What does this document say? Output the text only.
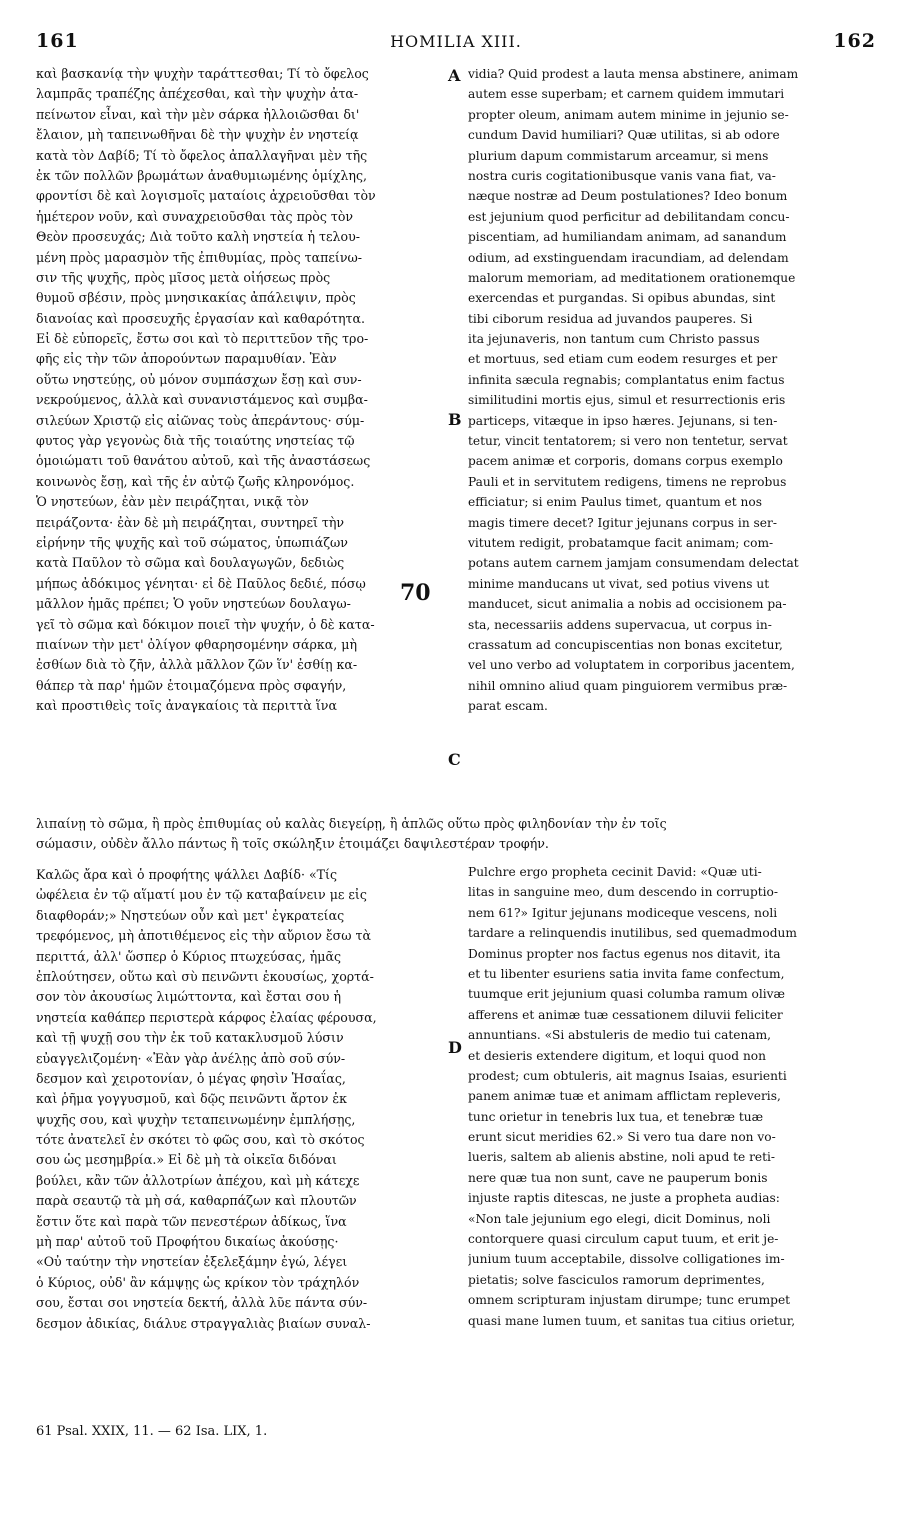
161	HOMILIA XIII.	162
καὶ βασκανίᾳ τὴν ψυχὴν ταράττεσθαι; Τί τὸ ὄφελος
λαμπρᾶς τραπέζης ἀπέχεσθαι, καὶ τὴν ψυχὴν ἀτα-
πείνωτον εἶναι, καὶ τὴν μὲν σάρκα ἠλλοιῶσθαι δι'
ἔλαιον, μὴ ταπεινωθῆναι δὲ τὴν ψυχὴν ἐν νηστείᾳ
κατὰ τὸν Δαβίδ; Τί τὸ ὄφελος ἀπαλλαγῆναι μὲν τῆς
ἐκ τῶν πολλῶν βρωμάτων ἀναθυμιωμένης ὁμίχλης,
φροντίσι δὲ καὶ λογισμοῖς ματαίοις ἀχρειοῦσθαι τὸν
ἡμέτερον νοῦν, καὶ συναχρειοῦσθαι τὰς πρὸς τὸν
Θεὸν προσευχάς; Διὰ τοῦτο καλὴ νηστεία ἡ τελου-
μένη πρὸς μαρασμὸν τῆς ἐπιθυμίας, πρὸς ταπείνω-
σιν τῆς ψυχῆς, πρὸς μῖσος μετὰ οἰήσεως πρὸς
θυμοῦ σβέσιν, πρὸς μνησικακίας ἀπάλειψιν, πρὸς
διανοίας καὶ προσευχῆς ἐργασίαν καὶ καθαρότητα.
Εἰ δὲ εὐπορεῖς, ἔστω σοι καὶ τὸ περιττεῦον τῆς τρο-
φῆς εἰς τὴν τῶν ἀπορούντων παραμυθίαν. Ἐὰν
οὕτω νηστεύῃς, οὐ μόνον συμπάσχων ἔσῃ καὶ συν-
νεκρούμενος, ἀλλὰ καὶ συνανιστάμενος καὶ συμβα-
σιλεύων Χριστῷ εἰς αἰῶνας τοὺς ἀπεράντους· σύμ-
φυτος γὰρ γεγονὼς διὰ τῆς τοιαύτης νηστείας τῷ
ὁμοιώματι τοῦ θανάτου αὐτοῦ, καὶ τῆς ἀναστάσεως
κοινωνὸς ἔσῃ, καὶ τῆς ἐν αὐτῷ ζωῆς κληρονόμος.
Ὁ νηστεύων, ἐὰν μὲν πειράζηται, νικᾷ τὸν
πειράζοντα· ἐὰν δὲ μὴ πειράζηται, συντηρεῖ τὴν
εἰρήνην τῆς ψυχῆς καὶ τοῦ σώματος, ὑπωπιάζων
κατὰ Παῦλον τὸ σῶμα καὶ δουλαγωγῶν, δεδιὼς
μήπως ἀδόκιμος γένηται· εἰ δὲ Παῦλος δεδιέ, πόσῳ
μᾶλλον ἡμᾶς πρέπει; Ὁ γοῦν νηστεύων δουλαγω-
γεῖ τὸ σῶμα καὶ δόκιμον ποιεῖ τὴν ψυχήν, ὁ δὲ κατα-
πιαίνων τὴν μετ' ὀλίγον φθαρησομένην σάρκα, μὴ
ἐσθίων διὰ τὸ ζῆν, ἀλλὰ μᾶλλον ζῶν ἵν' ἐσθίῃ κα-
θάπερ τὰ παρ' ἡμῶν ἑτοιμαζόμενα πρὸς σφαγήν,
καὶ προστιθεὶς τοῖς ἀναγκαίοις τὰ περιττὰ ἵνα
vidia? Quid prodest a lauta mensa abstinere, animam
autem esse superbam; et carnem quidem immutari
propter oleum, animam autem minime in jejunio se-
cundum David humiliari? Quæ utilitas, si ab odore
plurium dapum commistarum arceamur, si mens
nostra curis cogitationibusque vanis vana fiat, va-
næque nostræ ad Deum postulationes? Ideo bonum
est jejunium quod perficitur ad debilitandam concu-
piscentiam, ad humiliandam animam, ad sanandum
odium, ad exstinguendam iracundiam, ad delendam
malorum memoriam, ad meditationem orationemque
exercendas et purgandas. Si opibus abundas, sint
tibi ciborum residua ad juvandos pauperes. Si
ita jejunaveris, non tantum cum Christo passus
et mortuus, sed etiam cum eodem resurges et per
infinita sæcula regnabis; complantatus enim factus
similitudini mortis ejus, simul et resurrectionis eris
particeps, vitæque in ipso hæres. Jejunans, si ten-
tetur, vincit tentatorem; si vero non tentetur, servat
pacem animæ et corporis, domans corpus exemplo
Pauli et in servitutem redigens, timens ne reprobus
efficiatur; si enim Paulus timet, quantum et nos
magis timere decet? Igitur jejunans corpus in ser-
vitutem redigit, probatamque facit animam; com-
potans autem carnem jamjam consumendam delectat
minime manducans ut vivat, sed potius vivens ut
manducet, sicut animalia a nobis ad occisionem pa-
sta, necessariis addens supervacua, ut corpus in-
crassatum ad concupiscentias non bonas excitetur,
vel uno verbo ad voluptatem in corporibus jacentem,
nihil omnino aliud quam pinguiorem vermibus præ-
parat escam.
Καλῶς ἄρα καὶ ὁ προφήτης ψάλλει Δαβίδ· «Τίς
ὠφέλεια ἐν τῷ αἵματί μου ἐν τῷ καταβαίνειν με εἰς
διαφθοράν;» Νηστεύων οὖν καὶ μετ' ἐγκρατείας
τρεφόμενος, μὴ ἀποτιθέμενος εἰς τὴν αὔριον ἔσω τὰ
περιττά, ἀλλ' ὥσπερ ὁ Κύριος πτωχεύσας, ἡμᾶς
ἐπλούτησεν, οὕτω καὶ σὺ πεινῶντι ἑκουσίως, χορτά-
σον τὸν ἀκουσίως λιμώττοντα, καὶ ἔσται σου ἡ
νηστεία καθάπερ περιστερὰ κάρφος ἐλαίας φέρουσα,
καὶ τῇ ψυχῇ σου τὴν ἐκ τοῦ κατακλυσμοῦ λύσιν
εὐαγγελιζομένη· «Ἐὰν γὰρ ἀνέλῃς ἀπὸ σοῦ σύν-
δεσμον καὶ χειροτονίαν, ὁ μέγας φησὶν Ἡσαΐας,
καὶ ῥῆμα γογγυσμοῦ, καὶ δῷς πεινῶντι ἄρτον ἐκ
ψυχῆς σου, καὶ ψυχὴν τεταπεινωμένην ἐμπλήσῃς,
τότε ἀνατελεῖ ἐν σκότει τὸ φῶς σου, καὶ τὸ σκότος
σου ὡς μεσημβρία.» Εἰ δὲ μὴ τὰ οἰκεῖα διδόναι
βούλει, κἂν τῶν ἀλλοτρίων ἀπέχου, καὶ μὴ κάτεχε
παρὰ σεαυτῷ τὰ μὴ σά, καθαρπάζων καὶ πλουτῶν
ἔστιν ὅτε καὶ παρὰ τῶν πενεστέρων ἀδίκως, ἵνα
μὴ παρ' αὐτοῦ τοῦ Προφήτου δικαίως ἀκούσῃς·
«Οὐ ταύτην τὴν νηστείαν ἐξελεξάμην ἐγώ, λέγει
ὁ Κύριος, οὐδ' ἂν κάμψῃς ὡς κρίκον τὸν τράχηλόν
σου, ἔσται σοι νηστεία δεκτή, ἀλλὰ λῦε πάντα σύν-
δεσμον ἀδικίας, διάλυε στραγγαλιὰς βιαίων συναλ-
Pulchre ergo propheta cecinit David: «Quæ uti-
litas in sanguine meo, dum descendo in corruptio-
nem 61?» Igitur jejunans modiceque vescens, noli
tardare a relinquendis inutilibus, sed quemadmodum
Dominus propter nos factus egenus nos ditavit, ita
et tu libenter esuriens satia invita fame confectum,
tuumque erit jejunium quasi columba ramum olivæ
afferens et animæ tuæ cessationem diluvii feliciter
annuntians. «Si abstuleris de medio tui catenam,
et desieris extendere digitum, et loqui quod non
prodest; cum obtuleris, ait magnus Isaias, esurienti
panem animæ tuæ et animam afflictam repleveris,
tunc orietur in tenebris lux tua, et tenebræ tuæ
erunt sicut meridies 62.» Si vero tua dare non vo-
lueris, saltem ab alienis abstine, noli apud te reti-
nere quæ tua non sunt, cave ne pauperum bonis
injuste raptis ditescas, ne juste a propheta audias:
«Non tale jejunium ego elegi, dicit Dominus, noli
contorquere quasi circulum caput tuum, et erit je-
junium tuum acceptabile, dissolve colligationes im-
pietatis; solve fasciculos ramorum deprimentes,
omnem scripturam injustam dirumpe; tunc erumpet
quasi mane lumen tuum, et sanitas tua citius orietur,
A
B
C
D
70
61 Psal. XXIX, 11. — 62 Isa. LIX, 1.
λιπαίνῃ τὸ σῶμα, ἢ πρὸς ἐπιθυμίας οὐ καλὰς διεγείρῃ, ἢ ἁπλῶς οὕτω πρὸς φιληδονίαν τὴν ἐν τοῖς
σώμασιν, οὐδὲν ἄλλο πάντως ἢ τοῖς σκώληξιν ἑτοιμάζει δαψιλεστέραν τροφήν.
